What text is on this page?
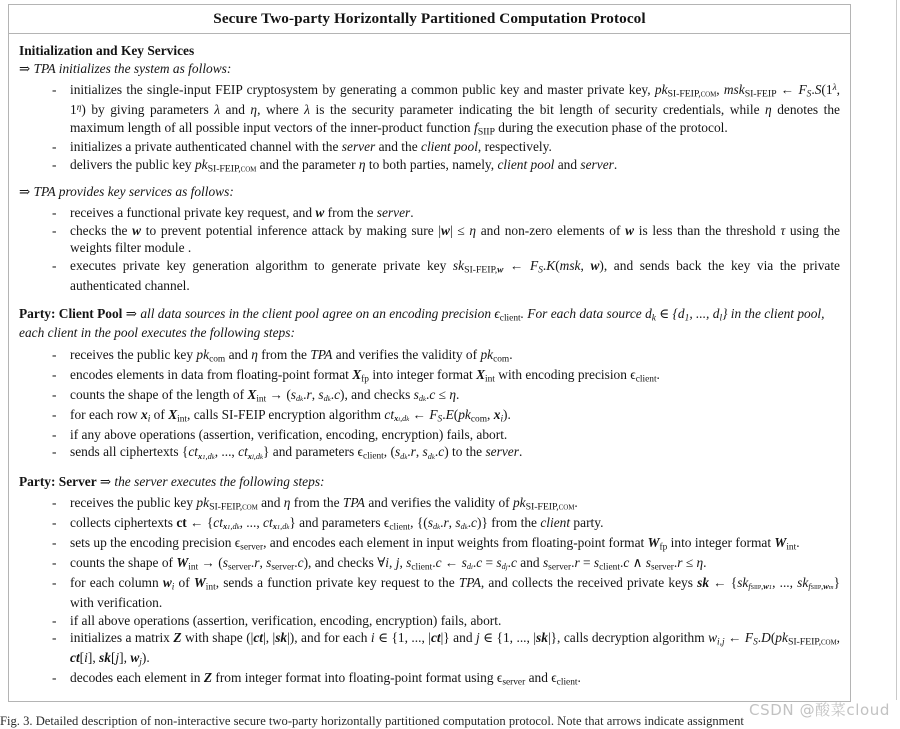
Secure Two-party Horizontally Partitioned Computation Protocol
Initialization and Key Services
⇒ TPA initializes the system as follows:
- initializes the single-input FEIP cryptosystem by generating a common public key and master private key, pkSI-FEIP,com, mskSI-FEIP ← $F_S.S(1^\lambda$, $1^\eta$) by giving parameters λ and η, where λ is the security parameter indicating the bit length of security credentials, while η denotes the maximum length of all possible input vectors of the inner-product function fSIIP during the execution phase of the protocol.
- initializes a private authenticated channel with the server and the client pool, respectively.
- delivers the public key pkSI-FEIP,com and the parameter η to both parties, namely, client pool and server.
⇒ TPA provides key services as follows:
- receives a functional private key request, and w from the server.
- checks the w to prevent potential inference attack by making sure |w| ≤ η and non-zero elements of w is less than the threshold τ using the weights filter module .
- executes private key generation algorithm to generate private key skSI-$FEIP,_w$ ← $F_S.K(msk$, w), and sends back the key via the private authenticated channel.
Party: Client Pool ⇒ all data sources in the client pool agree on an encoding precision $\epsilon_{client}$. For each data source $d_k$ ∈ {$d_1$, ..., $d_l$} in the client pool, each client in the pool executes the following steps:
- receives the public key $pk_{com}$ and η from the TPA and verifies the validity of $pk_{com}$.
- encodes elements in data from floating-point format $X_{fp}$ into integer format $X_{int}$ with encoding precision $\epsilon_{client}$.
- counts the shape of the length of $X_{int} \to (sdk.r$, sdk.c), and checks sdk.c ≤ η.
- for each row $x_i$ of $X_{int}$, calls SI-FEIP encryption algorithm ctxi,dk ← $F_S.E(pk_{com}$, $x_i$).
- if any above operations (assertion, verification, encoding, encryption) fails, abort.
- sends all ciphertexts {ctx1,dk, ..., ctxl,dk} and parameters $\epsilon_{client}$, (sdk.r, sdk.c) to the server.
Party: Server ⇒ the server executes the following steps:
- receives the public key pkSI-FEIP,com and η from the TPA and verifies the validity of pkSI-FEIP,com.
- collects ciphertexts ct ← {ctx1,dk, ..., ctx1,dk} and parameters $\epsilon_{client}$, {(sdk.r, sdk.c)} from the client party.
- sets up the encoding precision $\epsilon_{server}$, and encodes each element in input weights from floating-point format $W_{fp}$ into integer format $W_{int}$.
- counts the shape of $W_{int} \to (s_{server}.r$, $s_{server}.c$), and checks ∀i, j, $s_{client}.c$ ← sdi.c = sdj.c and $s_{server}.r = s_{client}.c$ ∧ $s_{server}.r \le \eta$.
- for each column $w_i$ of $W_{int}$, sends a function private key request to the TPA, and collects the received private keys sk ← {skfSIIP,w1, ..., skfSIIP,wm} with verification.
- if all above operations (assertion, verification, encoding, encryption) fails, abort.
- initializes a matrix Z with shape (|ct|, |sk|), and for each i ∈ {1, ..., |ct|} and j ∈ {1, ..., |sk|}, calls decryption algorithm $w_{i,j}$ ← $F_S.D(pkSI-FEIP,com$, ct[i], sk[j], $w_j$).
- decodes each element in Z from integer format into floating-point format using $\epsilon_{server}$ and $\epsilon_{client}$.
CSDN @酸菜cloud
Fig. 3. Detailed description of non-interactive secure two-party horizontally partitioned computation protocol. Note that arrows indicate assignment
